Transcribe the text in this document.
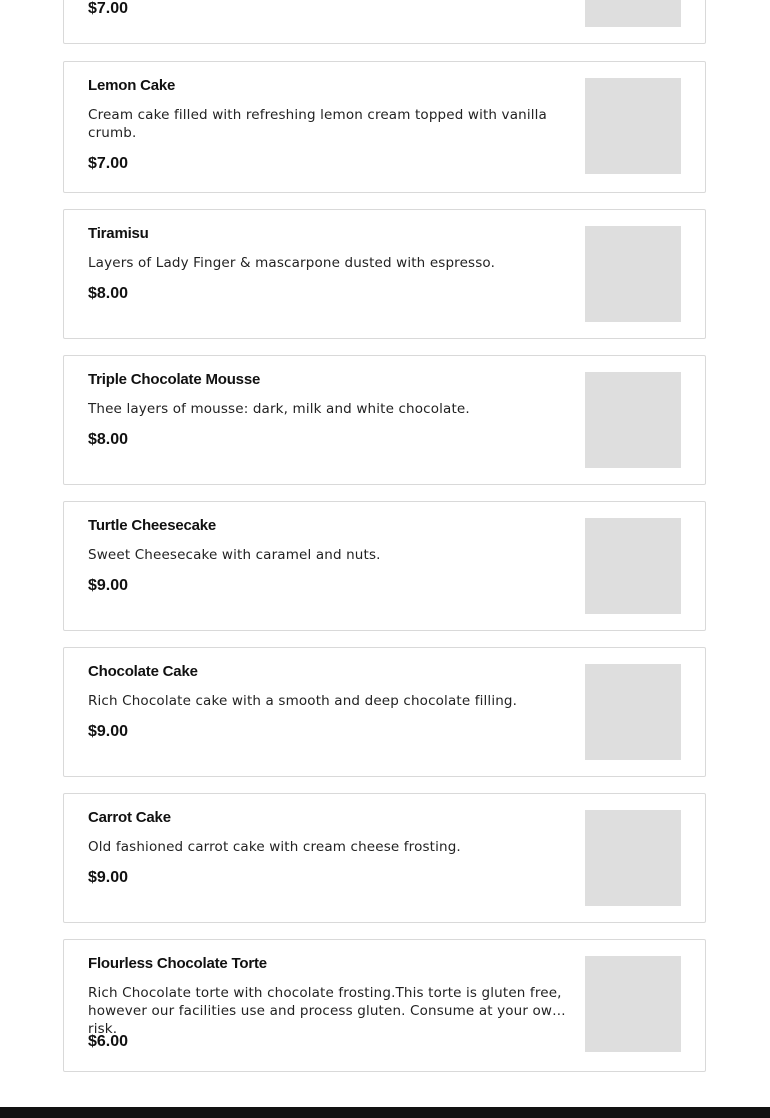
$7.00
Lemon Cake
Cream cake filled with refreshing lemon cream topped with vanilla crumb.
$7.00
Tiramisu
Layers of Lady Finger & mascarpone dusted with espresso.
$8.00
Triple Chocolate Mousse
Thee layers of mousse: dark, milk and white chocolate.
$8.00
Turtle Cheesecake
Sweet Cheesecake with caramel and nuts.
$9.00
Chocolate Cake
Rich Chocolate cake with a smooth and deep chocolate filling.
$9.00
Carrot Cake
Old fashioned carrot cake with cream cheese frosting.
$9.00
Flourless Chocolate Torte
Rich Chocolate torte with chocolate frosting.This torte is gluten free, however our facilities use and process gluten. Consume at your own risk.
$6.00
